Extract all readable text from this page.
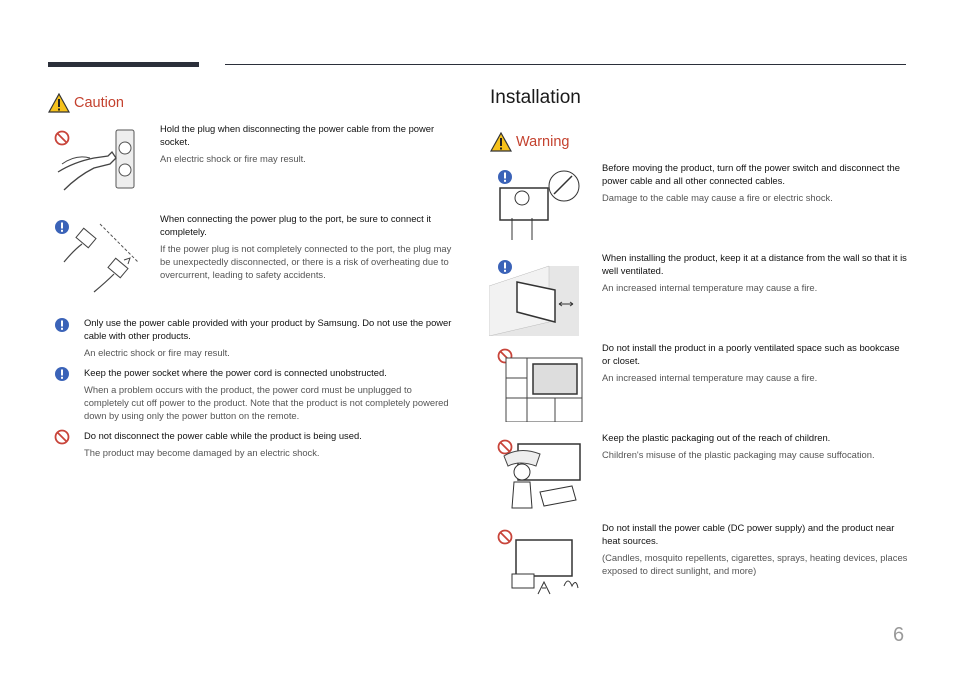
Caution
Hold the plug when disconnecting the power cable from the power socket.
An electric shock or fire may result.
When connecting the power plug to the port, be sure to connect it completely.
If the power plug is not completely connected to the port, the plug may be unexpectedly disconnected, or there is a risk of overheating due to overcurrent, leading to safety accidents.
Only use the power cable provided with your product by Samsung. Do not use the power cable with other products.
An electric shock or fire may result.
Keep the power socket where the power cord is connected unobstructed.
When a problem occurs with the product, the power cord must be unplugged to completely cut off power to the product. Note that the product is not completely powered down by using only the power button on the remote.
Do not disconnect the power cable while the product is being used.
The product may become damaged by an electric shock.
Installation
Warning
Before moving the product, turn off the power switch and disconnect the power cable and all other connected cables.
Damage to the cable may cause a fire or electric shock.
When installing the product, keep it at a distance from the wall so that it is well ventilated.
An increased internal temperature may cause a fire.
Do not install the product in a poorly ventilated space such as bookcase or closet.
An increased internal temperature may cause a fire.
Keep the plastic packaging out of the reach of children.
Children's misuse of the plastic packaging may cause suffocation.
Do not install the power cable (DC power supply) and the product near heat sources.
(Candles, mosquito repellents, cigarettes, sprays, heating devices, places exposed to direct sunlight, and more)
6
